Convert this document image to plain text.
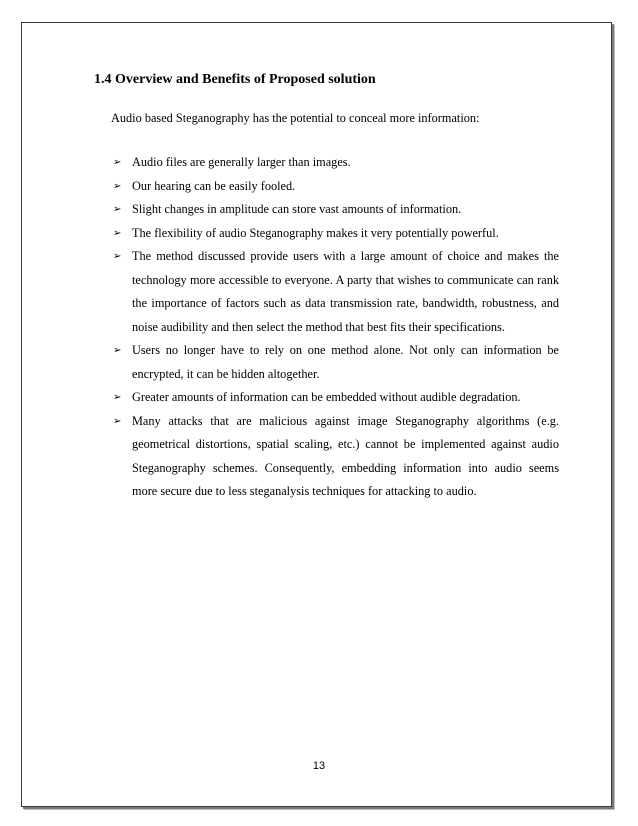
1.4 Overview and Benefits of Proposed solution

Audio based Steganography has the potential to conceal more information:

➢ Audio files are generally larger than images.
➢ Our hearing can be easily fooled.
➢ Slight changes in amplitude can store vast amounts of information.
➢ The flexibility of audio Steganography makes it very potentially powerful.
➢ The method discussed provide users with a large amount of choice and makes the technology more accessible to everyone. A party that wishes to communicate can rank the importance of factors such as data transmission rate, bandwidth, robustness, and noise audibility and then select the method that best fits their specifications.
➢ Users no longer have to rely on one method alone. Not only can information be encrypted, it can be hidden altogether.
➢ Greater amounts of information can be embedded without audible degradation.
➢ Many attacks that are malicious against image Steganography algorithms (e.g. geometrical distortions, spatial scaling, etc.) cannot be implemented against audio Steganography schemes. Consequently, embedding information into audio seems more secure due to less steganalysis techniques for attacking to audio.
13
